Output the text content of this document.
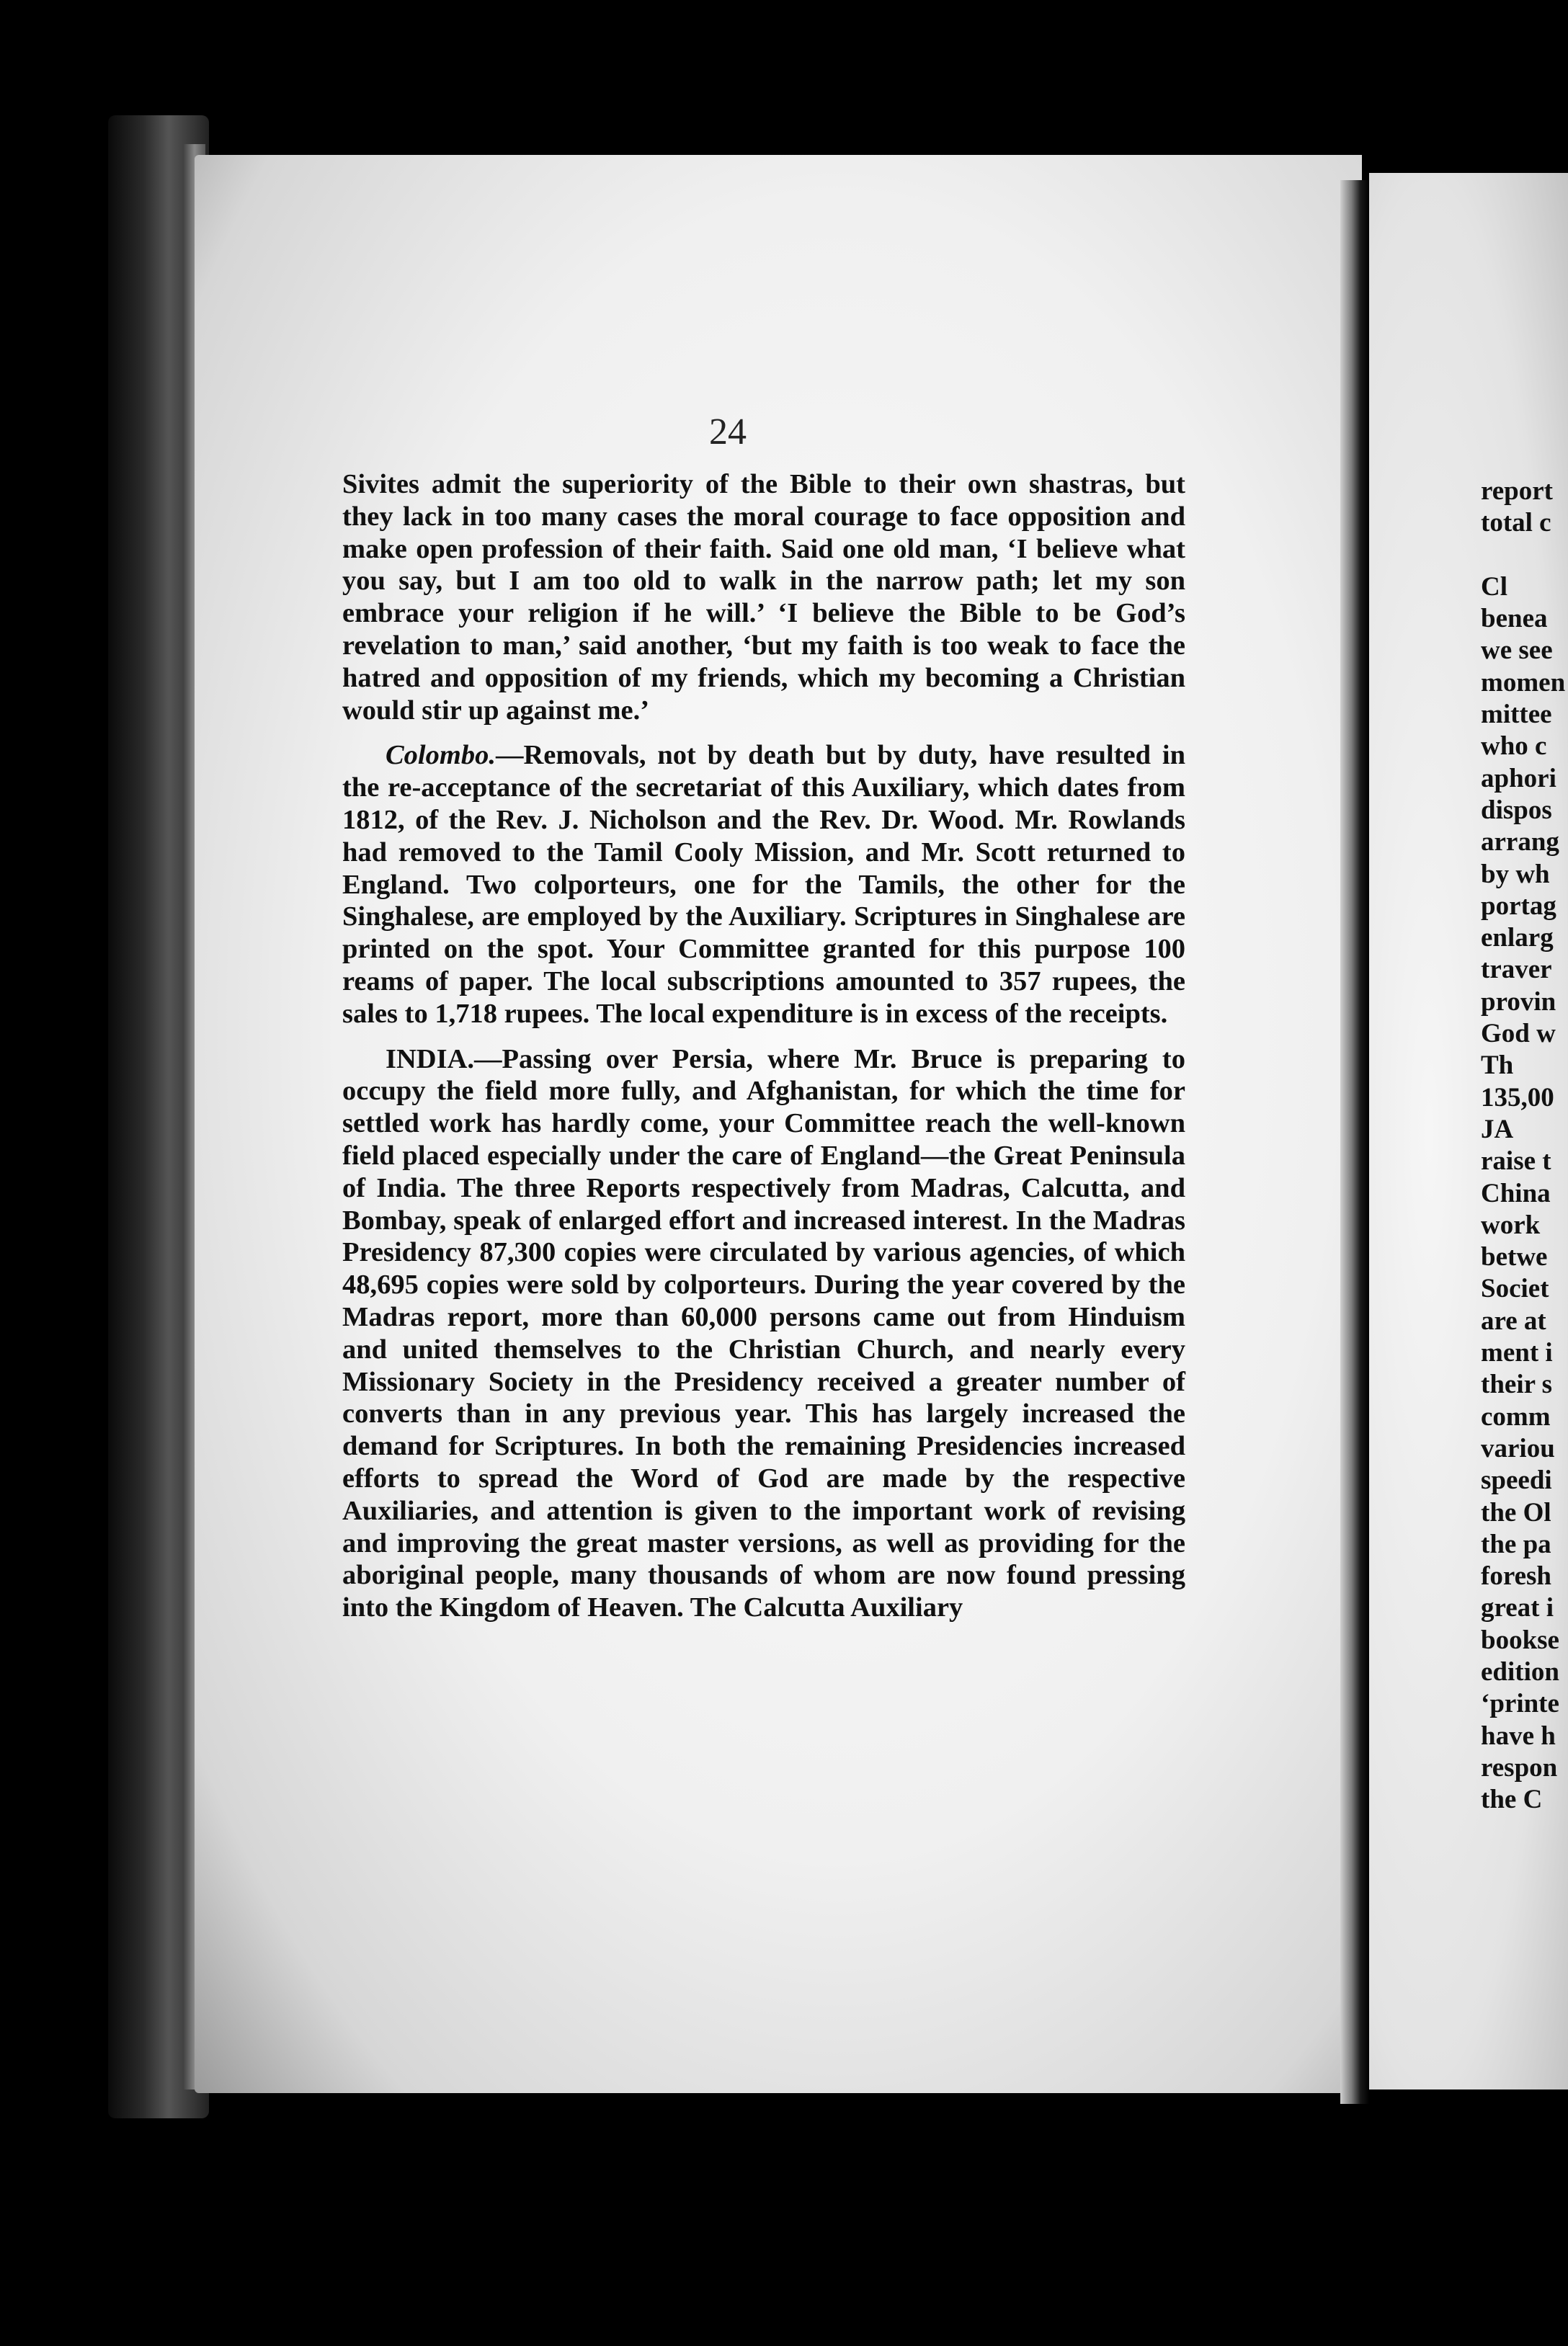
24

Sivites admit the superiority of the Bible to their own shastras, but they lack in too many cases the moral courage to face opposition and make open profession of their faith. Said one old man, ‘I believe what you say, but I am too old to walk in the narrow path; let my son embrace your religion if he will.’ ‘I believe the Bible to be God’s revelation to man,’ said another, ‘but my faith is too weak to face the hatred and opposition of my friends, which my becoming a Christian would stir up against me.’

Colombo.—Removals, not by death but by duty, have resulted in the re-acceptance of the secretariat of this Auxiliary, which dates from 1812, of the Rev. J. Nicholson and the Rev. Dr. Wood. Mr. Rowlands had removed to the Tamil Cooly Mission, and Mr. Scott returned to England. Two colporteurs, one for the Tamils, the other for the Singhalese, are employed by the Auxiliary. Scriptures in Singhalese are printed on the spot. Your Committee granted for this purpose 100 reams of paper. The local subscriptions amounted to 357 rupees, the sales to 1,718 rupees. The local expenditure is in excess of the receipts.

INDIA.—Passing over Persia, where Mr. Bruce is preparing to occupy the field more fully, and Afghanistan, for which the time for settled work has hardly come, your Committee reach the well-known field placed especially under the care of England—the Great Peninsula of India. The three Reports respectively from Madras, Calcutta, and Bombay, speak of enlarged effort and increased interest. In the Madras Presidency 87,300 copies were circulated by various agencies, of which 48,695 copies were sold by colporteurs. During the year covered by the Madras report, more than 60,000 persons came out from Hinduism and united themselves to the Christian Church, and nearly every Missionary Society in the Presidency received a greater number of converts than in any previous year. This has largely increased the demand for Scriptures. In both the remaining Presidencies increased efforts to spread the Word of God are made by the respective Auxiliaries, and attention is given to the important work of revising and improving the great master versions, as well as providing for the aboriginal people, many thousands of whom are now found pressing into the Kingdom of Heaven. The Calcutta Auxiliary

report
total c

Cl
benea
we see
momen
mittee
who c
aphori
dispos
arrang
by wh
portag
enlarg
traver
provin
God w
Th
135,00
JA
raise t
China
work
betwe
Societ
are at
ment i
their s
comm
variou
speedi
the Ol
the pa
foresh
great i
bookse
edition
‘printe
have h
respon
the C
